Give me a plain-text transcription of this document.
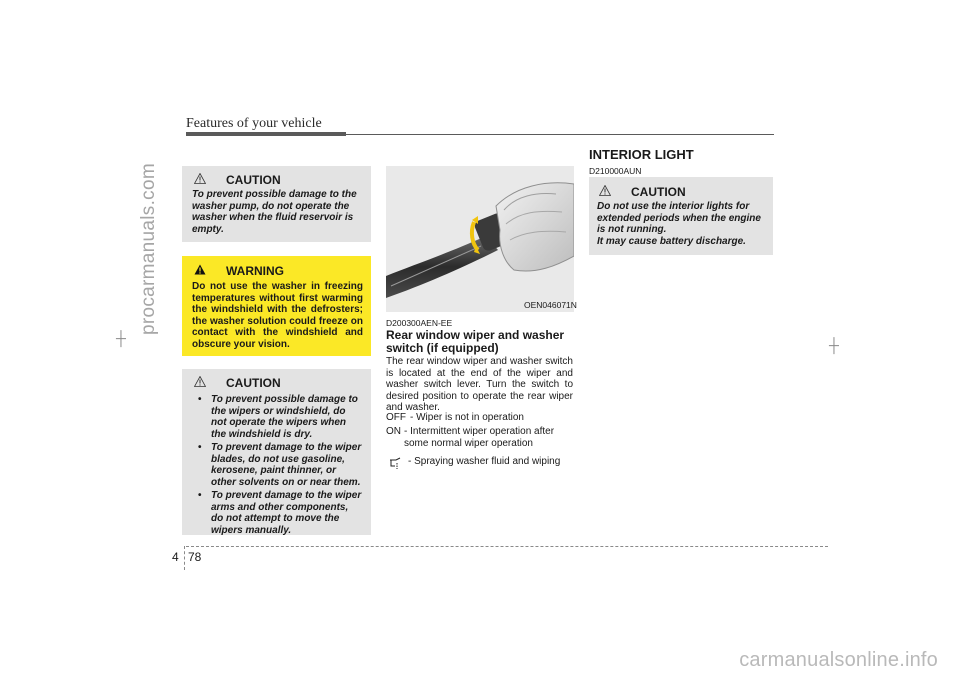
procarmanuals.com
carmanualsonline.info
┼	┼
Features of your vehicle
CAUTION
To prevent possible damage to the washer pump, do not operate the washer when the fluid reservoir is empty.
WARNING
Do not use the washer in freezing temperatures without first warming the windshield with the defrosters; the washer solution could freeze on contact with the windshield and obscure your vision.
CAUTION
• To prevent possible damage to the wipers or windshield, do not operate the wipers when the windshield is dry.
• To prevent damage to the wiper blades, do not use gasoline, kerosene, paint thinner, or other solvents on or near them.
• To prevent damage to the wiper arms and other components, do not attempt to move the wipers manually.
OEN046071N
D200300AEN-EE
Rear window wiper and washer switch (if equipped)
The rear window wiper and washer switch is located at the end of the wiper and washer switch lever. Turn the switch to desired position to operate the rear wiper and washer.
OFF - Wiper is not in operation
ON - Intermittent wiper operation after some normal wiper operation
- Spraying washer fluid and wiping
INTERIOR LIGHT
D210000AUN
CAUTION
Do not use the interior lights for extended periods when the engine is not running.
It may cause battery discharge.
4 78
